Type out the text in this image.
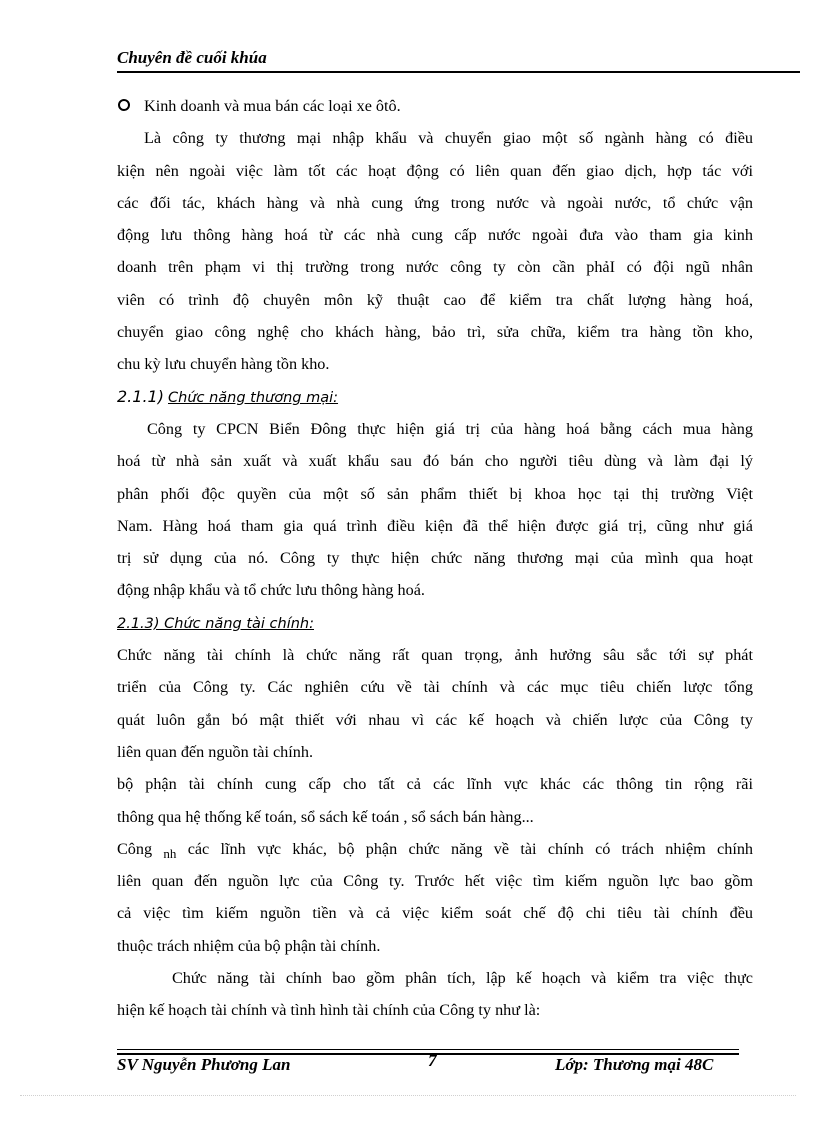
Chuyên đề cuối khúa
Kinh doanh và mua bán các loại xe ôtô.
Là công ty thương mại nhập khẩu và chuyển giao một số ngành hàng có điều
kiện nên ngoài việc làm tốt các hoạt động có liên quan đến giao dịch, hợp tác với
các đối tác, khách hàng và nhà cung ứng trong nước và ngoài nước, tổ chức vận
động lưu thông hàng hoá từ các nhà cung cấp nước ngoài đưa vào tham gia kinh
doanh trên phạm vi thị trường trong nước công ty còn cần phảI có đội ngũ nhân
viên có trình độ chuyên môn kỹ thuật cao để kiểm tra chất lượng hàng hoá,
chuyển giao công nghệ cho khách hàng, bảo trì, sửa chữa, kiểm tra hàng tồn kho,
chu kỳ lưu chuyển hàng tồn kho.
2.1.1) Chức năng thương mại:
Công ty CPCN Biển Đông thực hiện giá trị của hàng hoá bằng cách mua hàng
hoá từ nhà sản xuất và xuất khẩu sau đó bán cho người tiêu dùng và làm đại lý
phân phối độc quyền của một số sản phẩm thiết bị khoa học tại thị trường Việt
Nam. Hàng hoá tham gia quá trình điều kiện đã thể hiện được giá trị, cũng như giá
trị sử dụng của nó. Công ty thực hiện chức năng thương mại của mình qua hoạt
động nhập khẩu và tổ chức lưu thông hàng hoá.
2.1.3) Chức năng tài chính:
Chức năng tài chính là chức năng rất quan trọng, ảnh hưởng sâu sắc tới sự phát
triển của Công ty. Các nghiên cứu về tài chính và các mục tiêu chiến lược tổng
quát luôn gắn bó mật thiết với nhau vì các kế hoạch và chiến lược của Công ty
liên quan đến nguồn tài chính.
bộ phận tài chính cung cấp cho tất cả các lĩnh vực khác các thông tin rộng rãi
thông qua hệ thống kế toán, sổ sách kế toán , sổ sách bán hàng...
Công $_{nh}$ các lĩnh vực khác, bộ phận chức năng về tài chính có trách nhiệm chính
liên quan đến nguồn lực của Công ty. Trước hết việc tìm kiếm nguồn lực bao gồm
cả việc tìm kiếm nguồn tiền và cả việc kiểm soát chế độ chi tiêu tài chính đều
thuộc trách nhiệm của bộ phận tài chính.
Chức năng tài chính bao gồm phân tích, lập kế hoạch và kiểm tra việc thực
hiện kế hoạch tài chính và tình hình tài chính của Công ty như là:
SV Nguyễn Phương Lan	7	Lớp: Thương mại 48C
